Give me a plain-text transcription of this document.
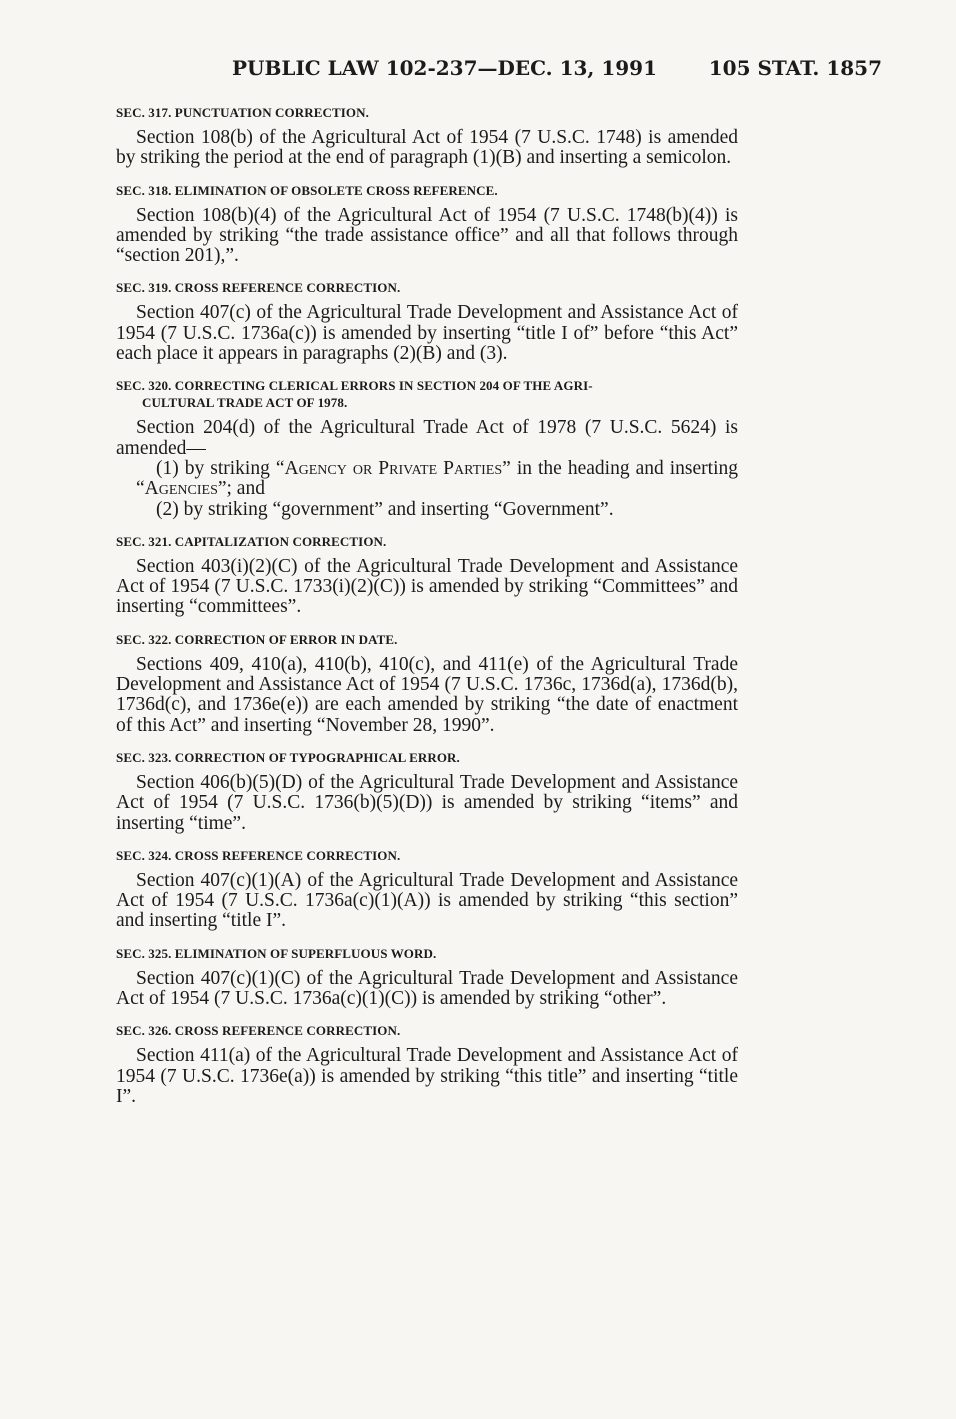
PUBLIC LAW 102-237—DEC. 13, 1991	105 STAT. 1857
SEC. 317. PUNCTUATION CORRECTION.

Section 108(b) of the Agricultural Act of 1954 (7 U.S.C. 1748) is amended by striking the period at the end of paragraph (1)(B) and inserting a semicolon.

SEC. 318. ELIMINATION OF OBSOLETE CROSS REFERENCE.

Section 108(b)(4) of the Agricultural Act of 1954 (7 U.S.C. 1748(b)(4)) is amended by striking “the trade assistance office” and all that follows through “section 201),”.

SEC. 319. CROSS REFERENCE CORRECTION.

Section 407(c) of the Agricultural Trade Development and Assistance Act of 1954 (7 U.S.C. 1736a(c)) is amended by inserting “title I of” before “this Act” each place it appears in paragraphs (2)(B) and (3).

SEC. 320. CORRECTING CLERICAL ERRORS IN SECTION 204 OF THE AGRI-
CULTURAL TRADE ACT OF 1978.

Section 204(d) of the Agricultural Trade Act of 1978 (7 U.S.C. 5624) is amended—

(1) by striking “Agency or Private Parties” in the heading and inserting “Agencies”; and

(2) by striking “government” and inserting “Government”.

SEC. 321. CAPITALIZATION CORRECTION.

Section 403(i)(2)(C) of the Agricultural Trade Development and Assistance Act of 1954 (7 U.S.C. 1733(i)(2)(C)) is amended by striking “Committees” and inserting “committees”.

SEC. 322. CORRECTION OF ERROR IN DATE.

Sections 409, 410(a), 410(b), 410(c), and 411(e) of the Agricultural Trade Development and Assistance Act of 1954 (7 U.S.C. 1736c, 1736d(a), 1736d(b), 1736d(c), and 1736e(e)) are each amended by striking “the date of enactment of this Act” and inserting “November 28, 1990”.

SEC. 323. CORRECTION OF TYPOGRAPHICAL ERROR.

Section 406(b)(5)(D) of the Agricultural Trade Development and Assistance Act of 1954 (7 U.S.C. 1736(b)(5)(D)) is amended by striking “items” and inserting “time”.

SEC. 324. CROSS REFERENCE CORRECTION.

Section 407(c)(1)(A) of the Agricultural Trade Development and Assistance Act of 1954 (7 U.S.C. 1736a(c)(1)(A)) is amended by striking “this section” and inserting “title I”.

SEC. 325. ELIMINATION OF SUPERFLUOUS WORD.

Section 407(c)(1)(C) of the Agricultural Trade Development and Assistance Act of 1954 (7 U.S.C. 1736a(c)(1)(C)) is amended by striking “other”.

SEC. 326. CROSS REFERENCE CORRECTION.

Section 411(a) of the Agricultural Trade Development and Assistance Act of 1954 (7 U.S.C. 1736e(a)) is amended by striking “this title” and inserting “title I”.
